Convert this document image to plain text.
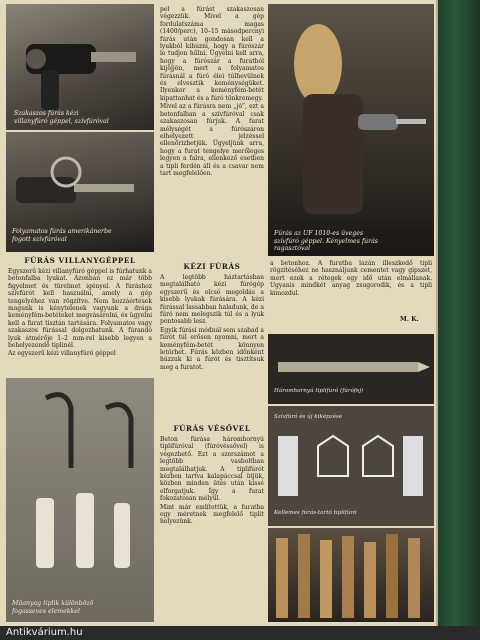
Szakaszos fúrás kézi villanyfúró géppel, szívfúróval
Folyamatos fúrás amerikánerbe fogott szívfúróval
FÚRÁS VILLANYGÉPPEL

Egyszerű kézi villanyfúró géppel is fúrhatunk a betonfalba lyukat. Azonban ez már több figyelmet és türelmet igényel. A fúráshoz szívfúrót kell használni, amely a gép tengelyéhez van rögzítve. Nem hozzáértések magunk is kénytelenek vagyunk a drága keményfém-betéteket megvásárolni, és ügyelni kell a furat tisztán tartására. Folyamatos vagy szakaszos fúrással dolgozhatunk. A fúrandó lyuk átmérője 1–2 mm-rel kisebb legyen a behelyezendő tiplinél.

Az egyszerű kézi villanyfúró géppel

Műanyag tiplik különböző fogasseves elemekkel

pel a fúrást szakaszosan végezzük. Mivel a gép fordulatszáma magas (1400/perc), 10–15 másodpercnyi fúrás után gondosan kell a lyukból kihúzni, hogy a fúrószár le tudjon hűlni. Ügyelni kell arra, hogy a fúrószár a furatból kijöjjön, mert a folyamatos fúrásnál a fúró élei túlhevülnek és elvesztik keménységüket. Ilyenkor a keményfém-betét kipattanhat és a fúró tönkremegy.

Mivel az a fúrásra nem „jó”, ezt a betonfalban a szívfúróval csak szakaszosan fúrjuk. A furat mélységét a fúrószáron elhelyezett jelzéssel ellenőrizhetjük. Ügyeljünk arra, hogy a furat tengelye merőleges legyen a falra, ellenkező esetben a tipli ferdén áll és a csavar nem tart megfelelően.

KÉZI FÚRÁS

A legtöbb háztartásban megtalálható kézi fúrógép egyszerű és olcsó megoldás a kisebb lyukak fúrására. A kézi fúrással lassabban haladunk, de a fúró nem melegszik túl és a lyuk pontosabb lesz.

Egyik fúrási módnál sem szabad a fúrót túl erősen nyomni, mert a keményfém-betét könnyen letörhet. Fúrás közben időnként húzzuk ki a fúrót és tisztítsuk meg a furatot.

FÚRÁS VÉSŐVEL

Beton fúrása háromhornyú tiplifúróval (fúróvéssővel) is végezhető. Ezt a szerszámot a legtöbb vasboltban megtalálhatjuk. A tiplifúrót kézben tartva kalapáccsal ütjük, közben minden ütés után kissé elforgatjuk. Így a furat fokozatosan mélyül.

Mint már említettük, a furatba egy méretnek megfelelő tiplit helyezünk.

Fúrás az UF 1010-es üveges szívfúró géppel. Kényelmes fúrás ragasztóval

a betonhoz. A furatba lazán illeszkedő tipli rögzítéséhez ne használjunk cementet vagy gipszet, mert ezek a rétegek egy idő után elmállanak. Ugyanis mindkét anyag zsugorodik, és a tipli kimozdul.

M. K.
Háromhornyú tiplifúró (fúrófej)
Szívfúró és új kiképzése
Kellemes fúrás-tartó tiplifúró
Antikvárium.hu
